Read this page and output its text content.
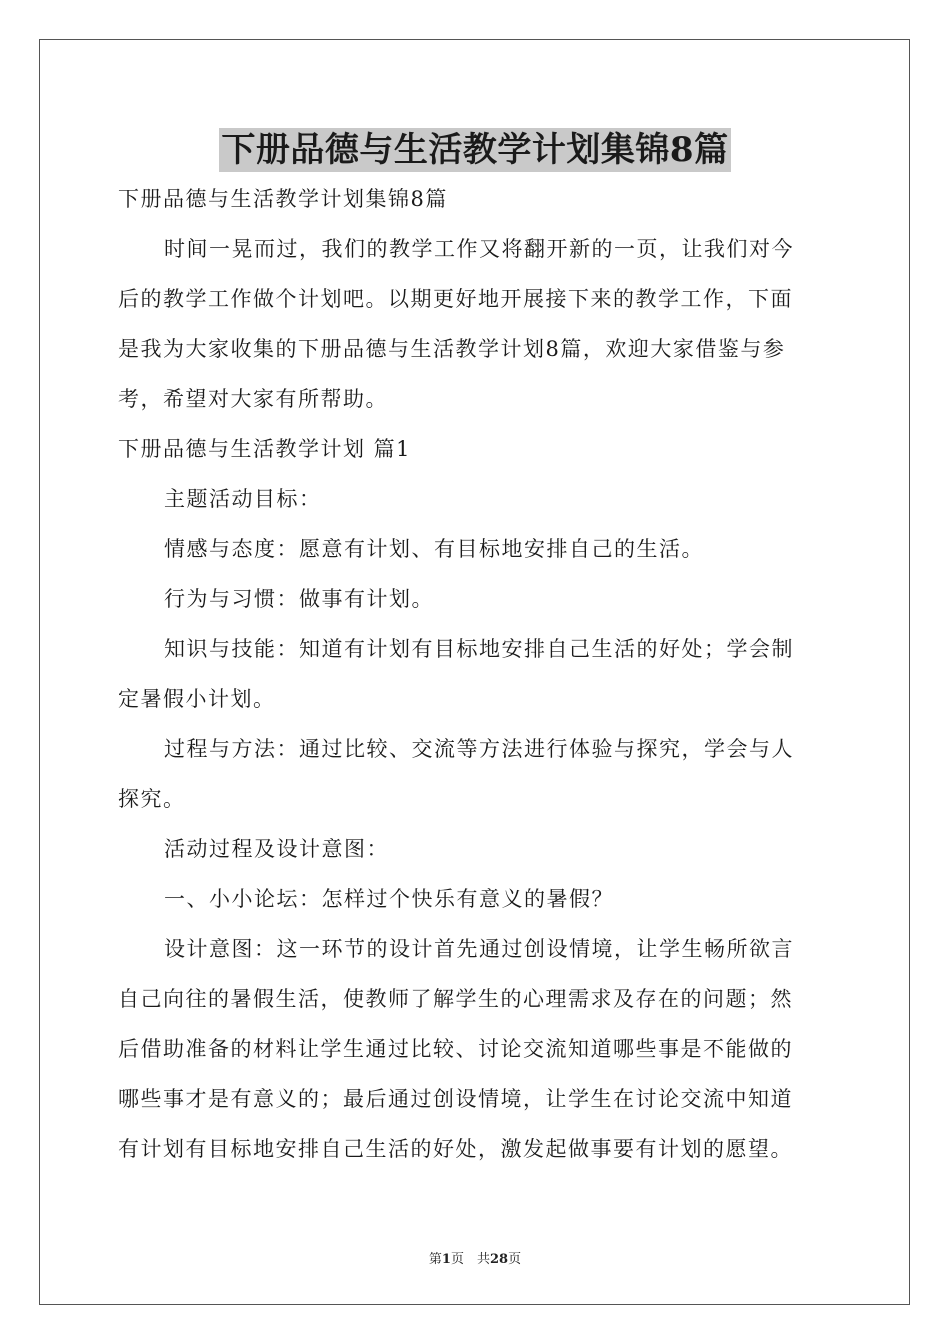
下册品德与生活教学计划集锦8篇
下册品德与生活教学计划集锦8篇
时间一晃而过，我们的教学工作又将翻开新的一页，让我们对今
后的教学工作做个计划吧。以期更好地开展接下来的教学工作，下面
是我为大家收集的下册品德与生活教学计划8篇，欢迎大家借鉴与参
考，希望对大家有所帮助。
下册品德与生活教学计划 篇1
主题活动目标：
情感与态度：愿意有计划、有目标地安排自己的生活。
行为与习惯：做事有计划。
知识与技能：知道有计划有目标地安排自己生活的好处；学会制
定暑假小计划。
过程与方法：通过比较、交流等方法进行体验与探究，学会与人
探究。
活动过程及设计意图：
一、小小论坛：怎样过个快乐有意义的暑假？
设计意图：这一环节的设计首先通过创设情境，让学生畅所欲言
自己向往的暑假生活，使教师了解学生的心理需求及存在的问题；然
后借助准备的材料让学生通过比较、讨论交流知道哪些事是不能做的
哪些事才是有意义的；最后通过创设情境，让学生在讨论交流中知道
有计划有目标地安排自己生活的好处，激发起做事要有计划的愿望。
第1页　共28页
